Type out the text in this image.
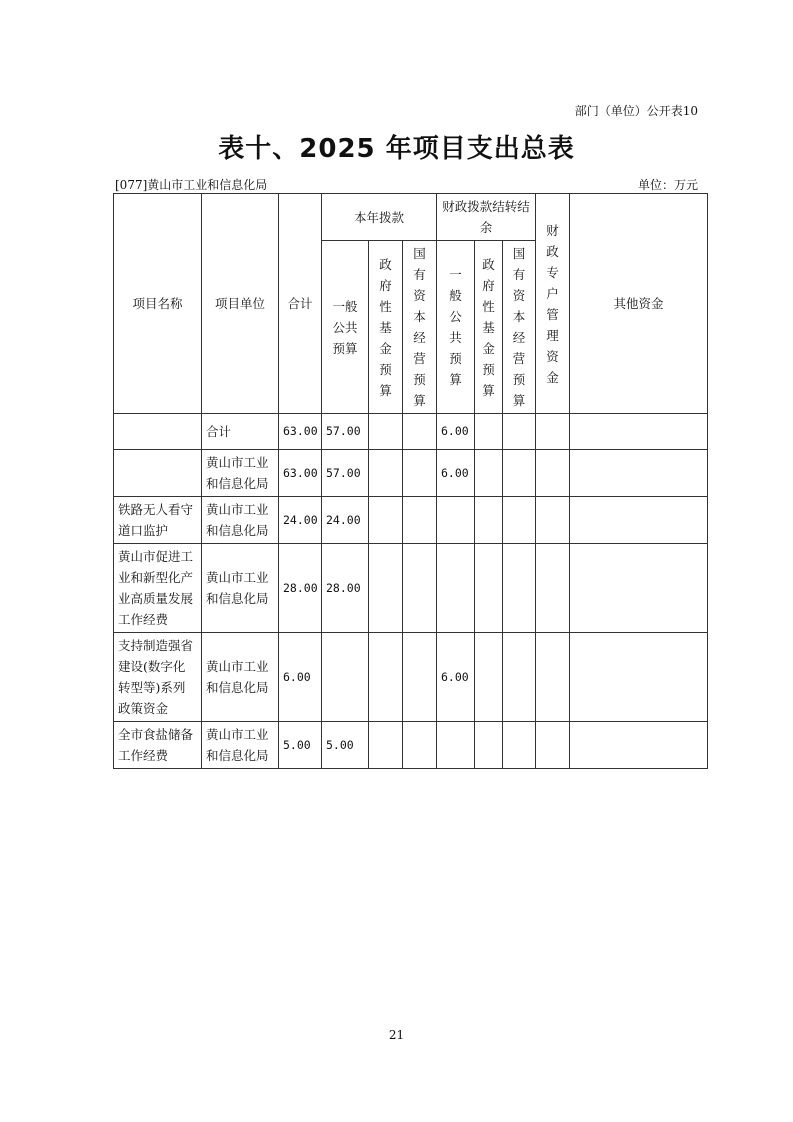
部门（单位）公开表10
表十、2025 年项目支出总表
[077]黄山市工业和信息化局	单位：万元
项目名称	项目单位	合计	本年拨款			财政拨款结转结余			财政专户管理资金	其他资金
			一般公共预算	政府性基金预算	国有资本经营预算	一般公共预算	政府性基金预算	国有资本经营预算		
	合计	63.00	57.00			6.00				
	黄山市工业和信息化局	63.00	57.00			6.00				
铁路无人看守道口监护	黄山市工业和信息化局	24.00	24.00							
黄山市促进工业和新型化产业高质量发展工作经费	黄山市工业和信息化局	28.00	28.00							
支持制造强省建设(数字化转型等)系列政策资金	黄山市工业和信息化局	6.00				6.00				
全市食盐储备工作经费	黄山市工业和信息化局	5.00	5.00							
21
